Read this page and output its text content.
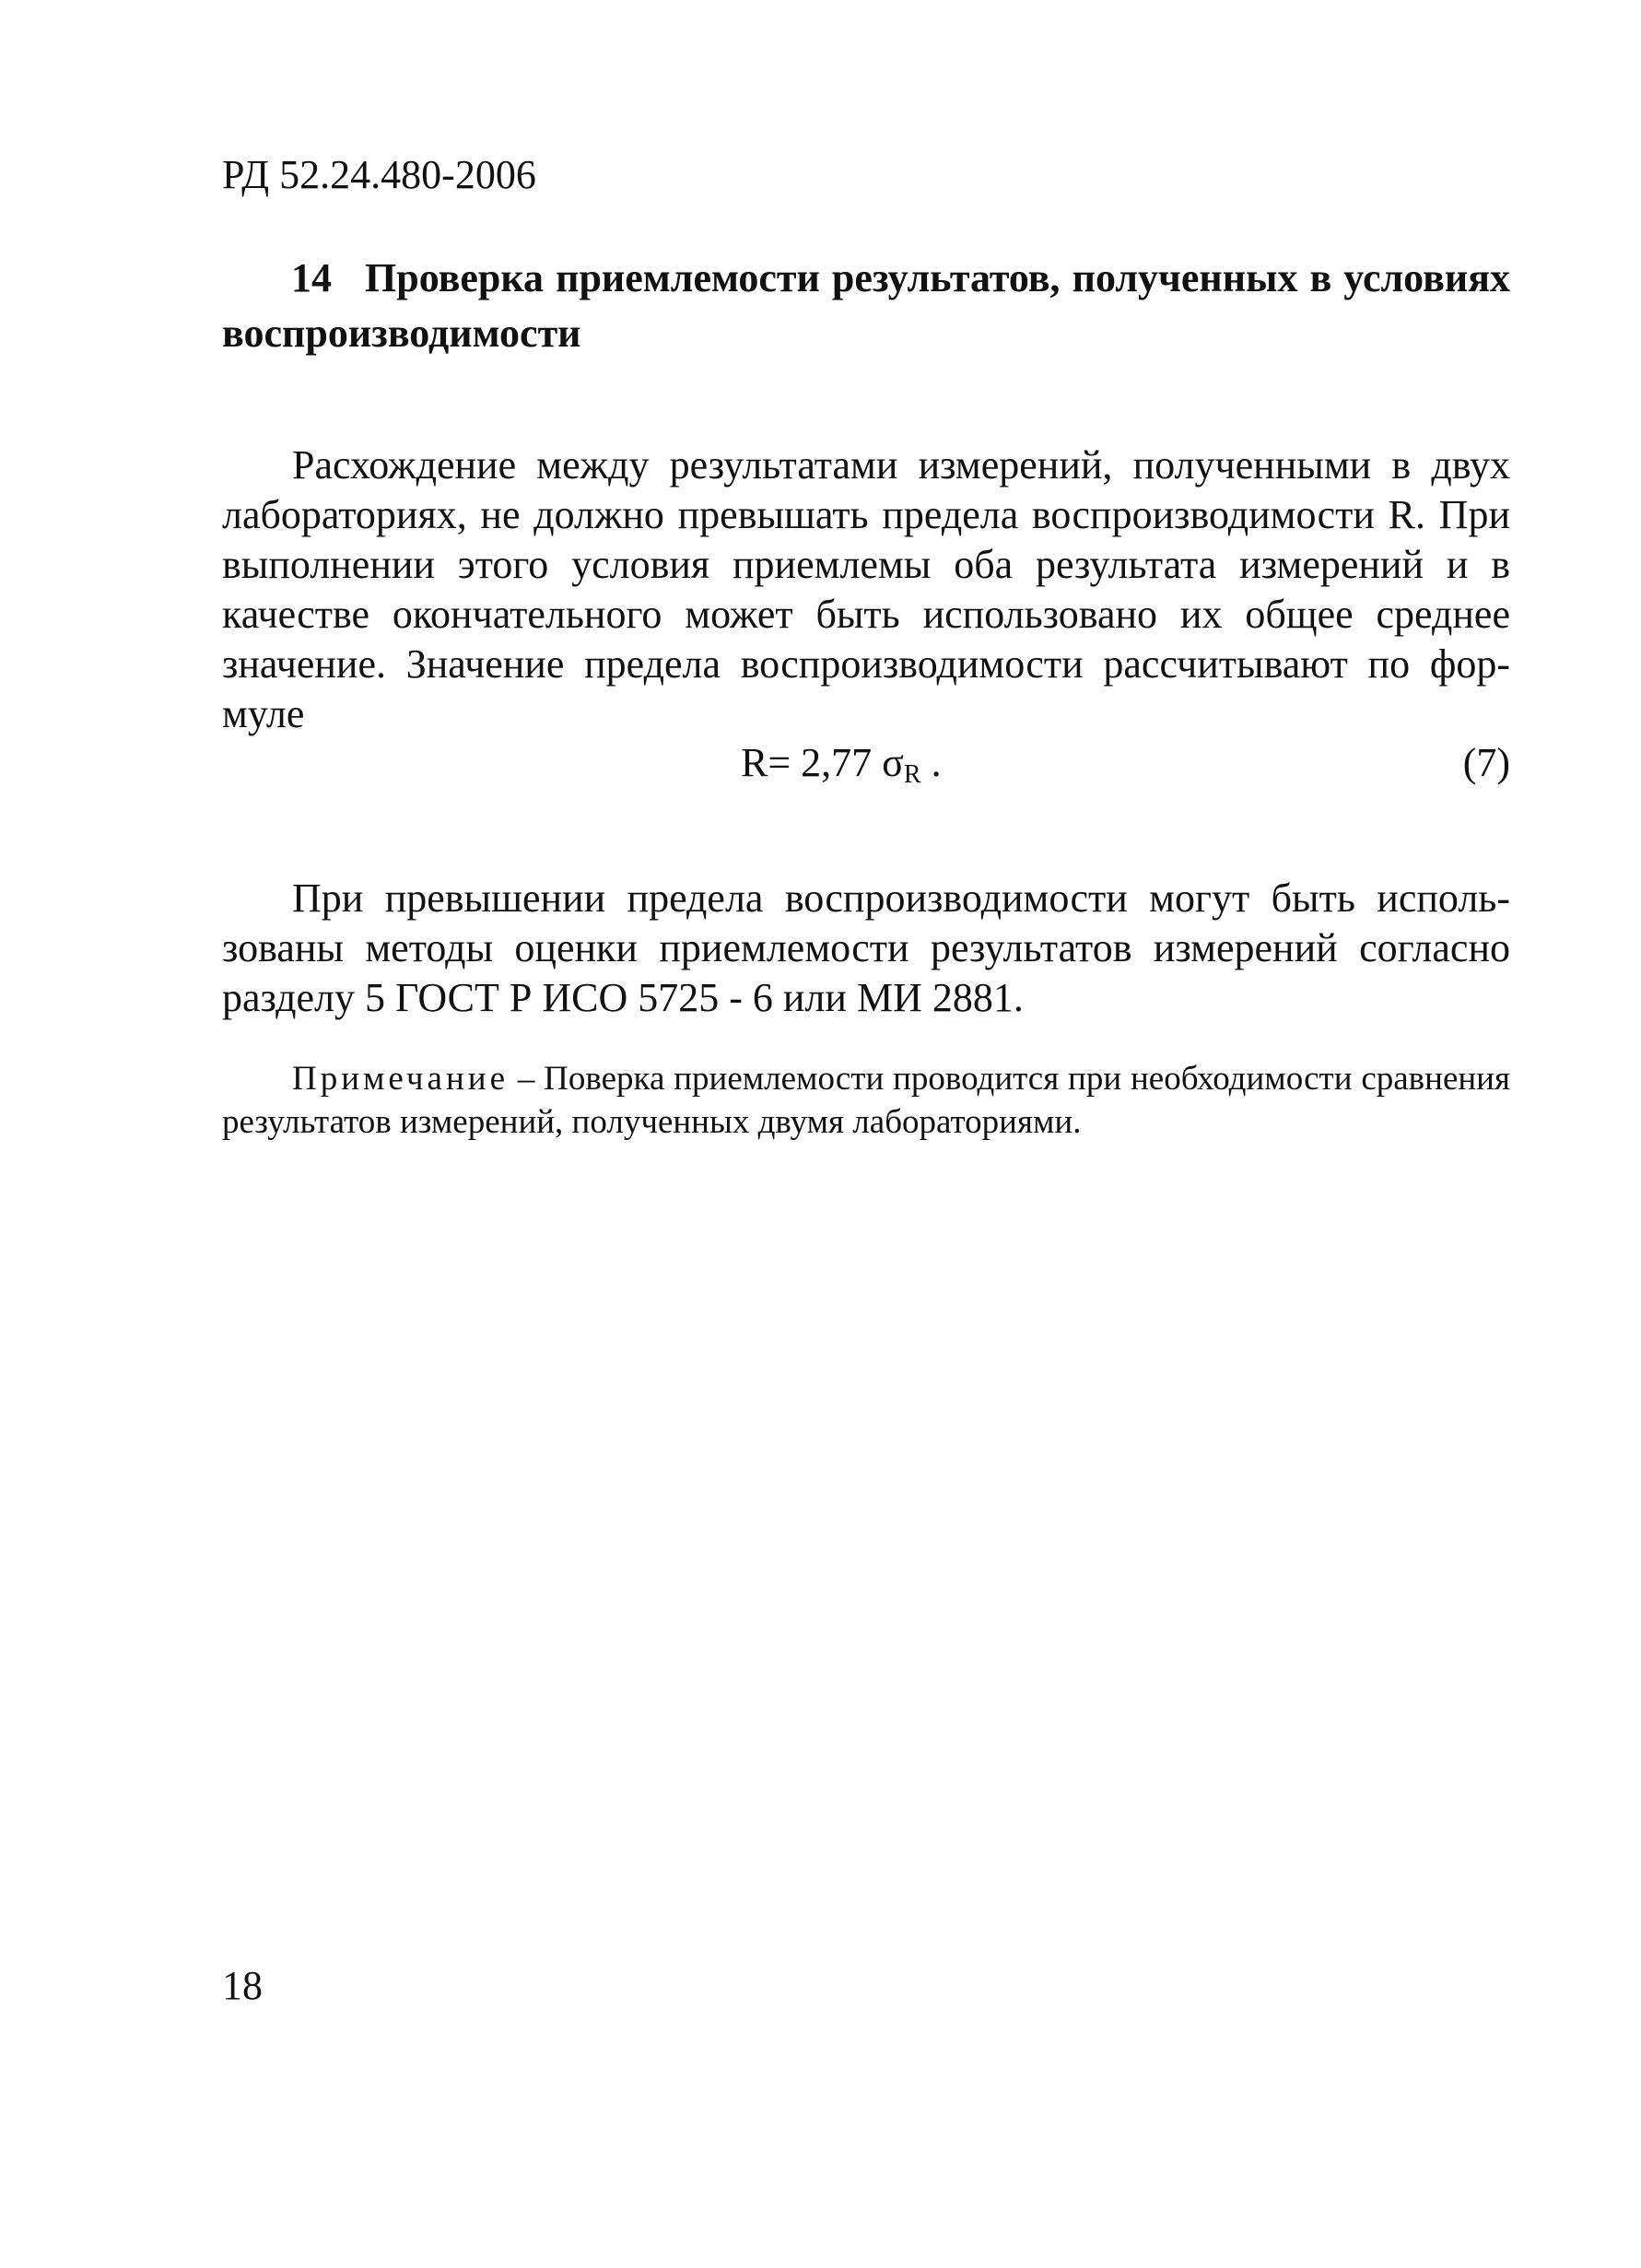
РД 52.24.480-2006
14 Проверка приемлемости результатов, полученных в условиях воспроизводимости

Расхождение между результатами измерений, полученными в двух лабораториях, не должно превышать предела воспроизводимости R. При выполнении этого условия приемлемы оба результата измерений и в качестве окончательного может быть использовано их общее среднее значение. Значение предела воспроизводимости рассчитывают по формуле

R= 2,77 $\sigma_R$ .	(7)

При превышении предела воспроизводимости могут быть использованы методы оценки приемлемости результатов измерений согласно разделу 5 ГОСТ Р ИСО 5725 - 6 или МИ 2881.

Примечание – Поверка приемлемости проводится при необходимости сравнения результатов измерений, полученных двумя лабораториями.

18
